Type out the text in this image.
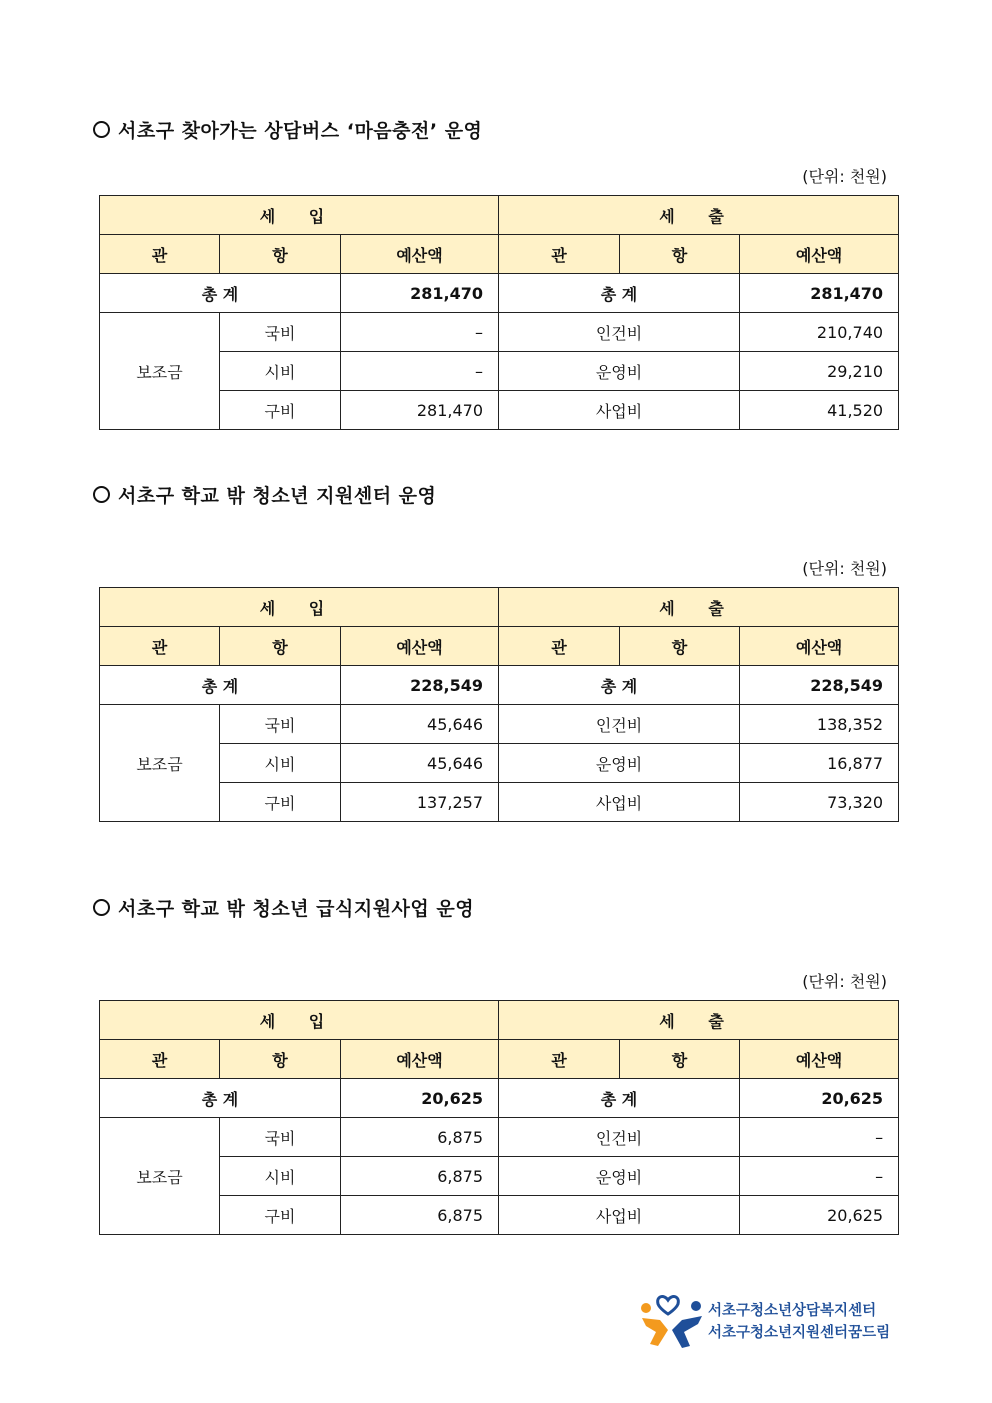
서초구 찾아가는 상담버스 ‘마음충전’ 운영
(단위: 천원)
세 입			세 출		
관	항	예산액	관	항	예산액
총 계		281,470	총 계		281,470
보조금	국비	–	인건비		210,740
	시비	–	운영비		29,210
	구비	281,470	사업비		41,520
서초구 학교 밖 청소년 지원센터 운영
(단위: 천원)
세 입			세 출		
관	항	예산액	관	항	예산액
총 계		228,549	총 계		228,549
보조금	국비	45,646	인건비		138,352
	시비	45,646	운영비		16,877
	구비	137,257	사업비		73,320
서초구 학교 밖 청소년 급식지원사업 운영
(단위: 천원)
세 입			세 출		
관	항	예산액	관	항	예산액
총 계		20,625	총 계		20,625
보조금	국비	6,875	인건비		–
	시비	6,875	운영비		–
	구비	6,875	사업비		20,625
서초구청소년상담복지센터
서초구청소년지원센터꿈드림
